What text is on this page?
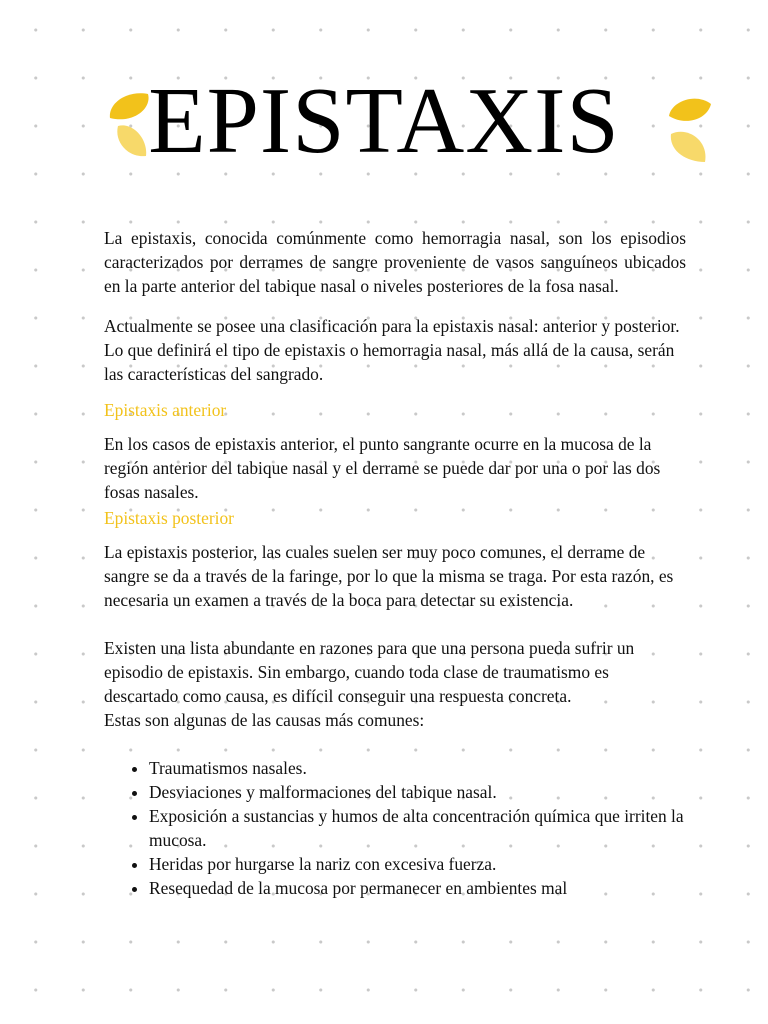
EPISTAXIS

La epistaxis, conocida comúnmente como hemorragia nasal, son los episodios caracterizados por derrames de sangre proveniente de vasos sanguíneos ubicados en la parte anterior del tabique nasal o niveles posteriores de la fosa nasal.

Actualmente se posee una clasificación para la epistaxis nasal: anterior y posterior. Lo que definirá el tipo de epistaxis o hemorragia nasal, más allá de la causa, serán las características del sangrado.

Epistaxis anterior

En los casos de epistaxis anterior, el punto sangrante ocurre en la mucosa de la región anterior del tabique nasal y el derrame se puede dar por una o por las dos fosas nasales.

Epistaxis posterior

La epistaxis posterior, las cuales suelen ser muy poco comunes, el derrame de sangre se da a través de la faringe, por lo que la misma se traga. Por esta razón, es necesaria un examen a través de la boca para detectar su existencia.

Existen una lista abundante en razones para que una persona pueda sufrir un episodio de epistaxis. Sin embargo, cuando toda clase de traumatismo es descartado como causa, es difícil conseguir una respuesta concreta.

Estas son algunas de las causas más comunes:

• Traumatismos nasales.
• Desviaciones y malformaciones del tabique nasal.
• Exposición a sustancias y humos de alta concentración química que irriten la mucosa.
• Heridas por hurgarse la nariz con excesiva fuerza.
• Resequedad de la mucosa por permanecer en ambientes mal
